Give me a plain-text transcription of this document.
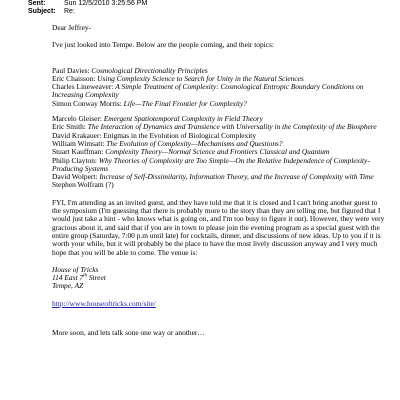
Sent:	Sun 12/5/2010 3:25:56 PM
Subject:	Re:

Dear Jeffrey-

I've just looked into Tempe. Below are the people coming, and their topics:

Paul Davies: Cosmological Directionality Principles

Eric Chaisson: Using Complexity Science to Search for Unity in the Natural Sciences

Charles Lineweaver: A Simple Treatment of Complexity: Cosmological Entropic Boundary Conditions on Increasing Complexity

Simon Conway Morris: Life—The Final Frontier for Complexity?

Marcelo Gleiser: Emergent Spatiotemporal Complexity in Field Theory

Eric Smith: The Interaction of Dynamics and Transience with Universality in the Complexity of the Biosphere

David Krakauer: Enigmas in the Evolution of Biological Complexity

William Wimsatt: The Evolution of Complexity—Mechanisms and Questions?

Stuart Kauffman: Complexity Theory—Normal Science and Frontiers Classical and Quantum

Philip Clayton: Why Theories of Complexity are Too Simple—On the Relative Independence of Complexity-Producing Systems

David Wolpert: Increase of Self-Dissimilarity, Information Theory, and the Increase of Complexity with Time

Stephen Wolfram (?)

FYI, I'm attending as an invited guest, and they have told me that it is closed and I can't bring another guest to the symposium (I'm guessing that there is probably more to the story than they are telling me, but figured that I would just take a hint - who knows what is going on, and I'm too busy to figure it out). However, they were very gracious about it, and said that if you are in town to please join the evening program as a special guest with the entire group (Saturday, 7:00 p.m until late) for cocktails, dinner, and discussions of new ideas. Up to you if it is worth your while, but it will probably be the place to have the most lively discussion anyway and I very much hope that you will be able to come. The venue is:

House of Tricks
114 East 7th Street
Tempe, AZ
http://www.houseoftricks.com/site/

More soon, and lets talk sone one way or another…
